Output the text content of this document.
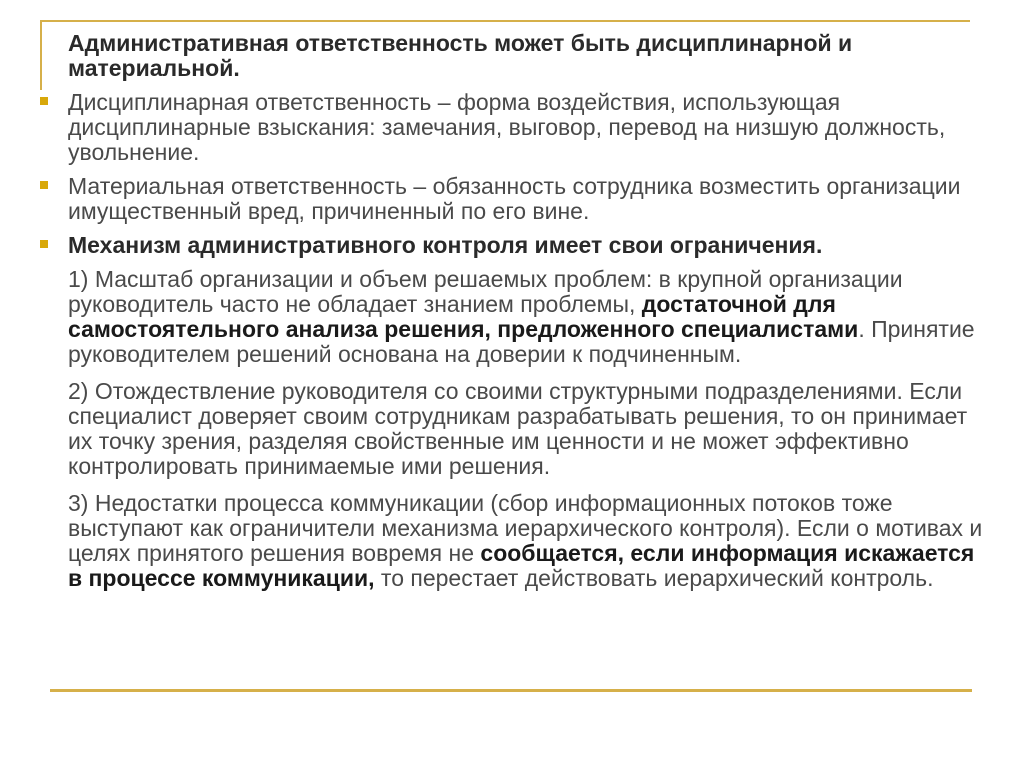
Административная ответственность может быть дисциплинарной и материальной.
Дисциплинарная ответственность – форма воздействия, использующая дисциплинарные взыскания: замечания, выговор, перевод на низшую должность, увольнение.
Материальная ответственность – обязанность сотрудника возместить организации имущественный вред, причиненный по его вине.
Механизм административного контроля имеет свои ограничения.
1) Масштаб организации и объем решаемых проблем: в крупной организации руководитель часто не обладает знанием проблемы, достаточной для самостоятельного анализа решения, предложенного специалистами. Принятие руководителем решений основана на доверии к подчиненным.
2) Отождествление руководителя со своими структурными подразделениями. Если специалист доверяет своим сотрудникам разрабатывать решения, то он принимает их точку зрения, разделяя свойственные им ценности и не может эффективно контролировать принимаемые ими решения.
3) Недостатки процесса коммуникации (сбор информационных потоков тоже выступают как ограничители механизма иерархического контроля). Если о мотивах и целях принятого решения вовремя не сообщается, если информация искажается в процессе коммуникации, то перестает действовать иерархический контроль.
